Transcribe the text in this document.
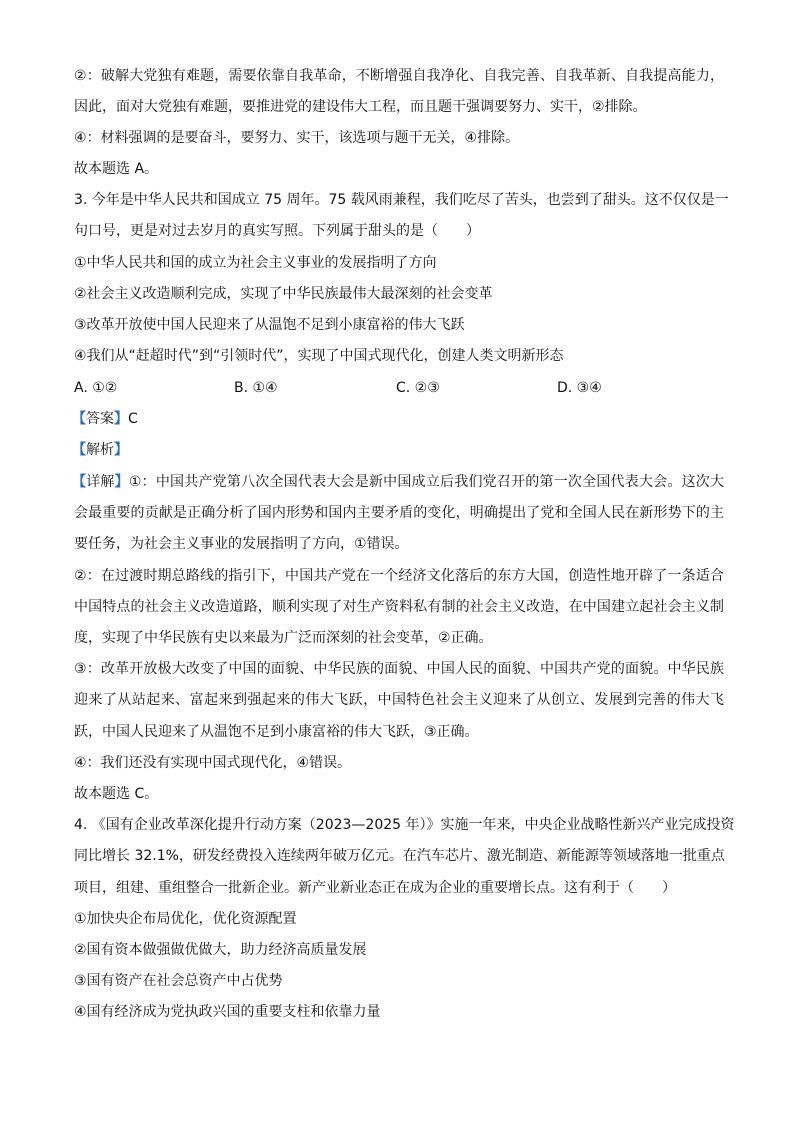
②：破解大党独有难题，需要依靠自我革命，不断增强自我净化、自我完善、自我革新、自我提高能力，
因此，面对大党独有难题，要推进党的建设伟大工程，而且题干强调要努力、实干，②排除。
④：材料强调的是要奋斗，要努力、实干，该选项与题干无关，④排除。
故本题选 A。
3. 今年是中华人民共和国成立 75 周年。75 载风雨兼程，我们吃尽了苦头，也尝到了甜头。这不仅仅是一
句口号，更是对过去岁月的真实写照。下列属于甜头的是（　　）
①中华人民共和国的成立为社会主义事业的发展指明了方向
②社会主义改造顺利完成，实现了中华民族最伟大最深刻的社会变革
③改革开放使中国人民迎来了从温饱不足到小康富裕的伟大飞跃
④我们从“赶超时代”到“引领时代”，实现了中国式现代化，创建人类文明新形态
A. ①②	B. ①④	C. ②③	D. ③④
【答案】C
【解析】
【详解】①：中国共产党第八次全国代表大会是新中国成立后我们党召开的第一次全国代表大会。这次大
会最重要的贡献是正确分析了国内形势和国内主要矛盾的变化，明确提出了党和全国人民在新形势下的主
要任务，为社会主义事业的发展指明了方向，①错误。
②：在过渡时期总路线的指引下，中国共产党在一个经济文化落后的东方大国，创造性地开辟了一条适合
中国特点的社会主义改造道路，顺利实现了对生产资料私有制的社会主义改造，在中国建立起社会主义制
度，实现了中华民族有史以来最为广泛而深刻的社会变革，②正确。
③：改革开放极大改变了中国的面貌、中华民族的面貌、中国人民的面貌、中国共产党的面貌。中华民族
迎来了从站起来、富起来到强起来的伟大飞跃，中国特色社会主义迎来了从创立、发展到完善的伟大飞
跃，中国人民迎来了从温饱不足到小康富裕的伟大飞跃，③正确。
④：我们还没有实现中国式现代化，④错误。
故本题选 C。
4. 《国有企业改革深化提升行动方案（2023—2025 年）》实施一年来，中央企业战略性新兴产业完成投资
同比增长 32.1%，研发经费投入连续两年破万亿元。在汽车芯片、激光制造、新能源等领域落地一批重点
项目，组建、重组整合一批新企业。新产业新业态正在成为企业的重要增长点。这有利于（　　）
①加快央企布局优化，优化资源配置
②国有资本做强做优做大，助力经济高质量发展
③国有资产在社会总资产中占优势
④国有经济成为党执政兴国的重要支柱和依靠力量
